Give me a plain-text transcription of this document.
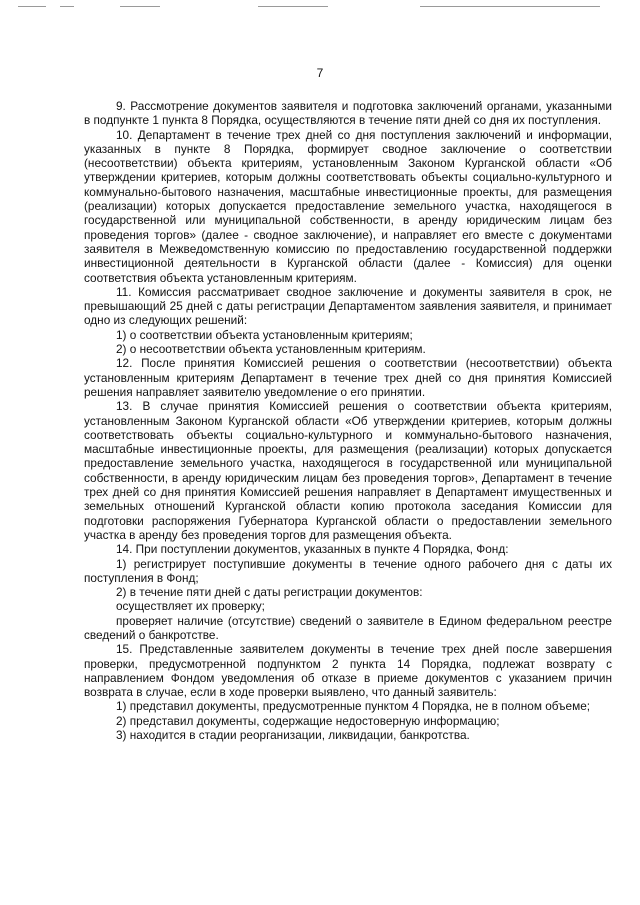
7

9. Рассмотрение документов заявителя и подготовка заключений органами, указанными в подпункте 1 пункта 8 Порядка, осуществляются в течение пяти дней со дня их поступления.

10. Департамент в течение трех дней со дня поступления заключений и информации, указанных в пункте 8 Порядка, формирует сводное заключение о соответствии (несоответствии) объекта критериям, установленным Законом Курганской области «Об утверждении критериев, которым должны соответствовать объекты социально-культурного и коммунально-бытового назначения, масштабные инвестиционные проекты, для размещения (реализации) которых допускается предоставление земельного участка, находящегося в государственной или муниципальной собственности, в аренду юридическим лицам без проведения торгов» (далее - сводное заключение), и направляет его вместе с документами заявителя в Межведомственную комиссию по предоставлению государственной поддержки инвестиционной деятельности в Курганской области (далее - Комиссия) для оценки соответствия объекта установленным критериям.

11. Комиссия рассматривает сводное заключение и документы заявителя в срок, не превышающий 25 дней с даты регистрации Департаментом заявления заявителя, и принимает одно из следующих решений:

1) о соответствии объекта установленным критериям;

2) о несоответствии объекта установленным критериям.

12. После принятия Комиссией решения о соответствии (несоответствии) объекта установленным критериям Департамент в течение трех дней со дня принятия Комиссией решения направляет заявителю уведомление о его принятии.

13. В случае принятия Комиссией решения о соответствии объекта критериям, установленным Законом Курганской области «Об утверждении критериев, которым должны соответствовать объекты социально-культурного и коммунально-бытового назначения, масштабные инвестиционные проекты, для размещения (реализации) которых допускается предоставление земельного участка, находящегося в государственной или муниципальной собственности, в аренду юридическим лицам без проведения торгов», Департамент в течение трех дней со дня принятия Комиссией решения направляет в Департамент имущественных и земельных отношений Курганской области копию протокола заседания Комиссии для подготовки распоряжения Губернатора Курганской области о предоставлении земельного участка в аренду без проведения торгов для размещения объекта.

14. При поступлении документов, указанных в пункте 4 Порядка, Фонд:

1) регистрирует поступившие документы в течение одного рабочего дня с даты их поступления в Фонд;

2) в течение пяти дней с даты регистрации документов:

осуществляет их проверку;

проверяет наличие (отсутствие) сведений о заявителе в Едином федеральном реестре сведений о банкротстве.

15. Представленные заявителем документы в течение трех дней после завершения проверки, предусмотренной подпунктом 2 пункта 14 Порядка, подлежат возврату с направлением Фондом уведомления об отказе в приеме документов с указанием причин возврата в случае, если в ходе проверки выявлено, что данный заявитель:

1) представил документы, предусмотренные пунктом 4 Порядка, не в полном объеме;

2) представил документы, содержащие недостоверную информацию;

3) находится в стадии реорганизации, ликвидации, банкротства.
